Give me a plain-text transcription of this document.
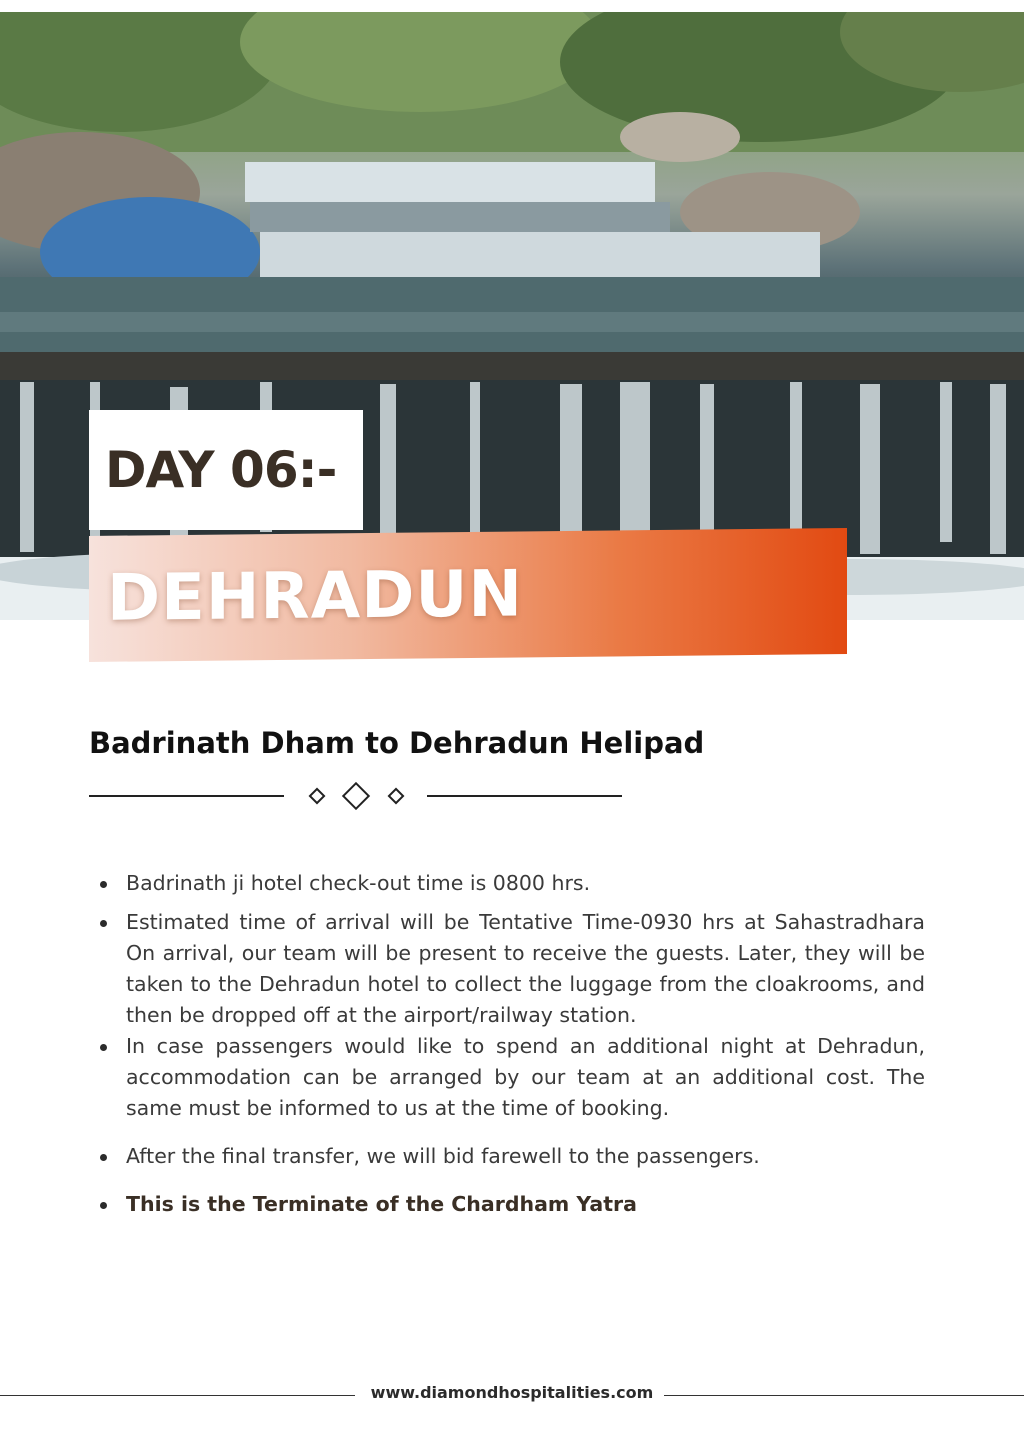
DAY 06:-
DEHRADUN
Badrinath Dham to Dehradun Helipad
Badrinath ji hotel check-out time is 0800 hrs.
Estimated time of arrival will be Tentative Time-0930 hrs at Sahastradhara On arrival, our team will be present to receive the guests. Later, they will be taken to the Dehradun hotel to collect the luggage from the cloakrooms, and then be dropped off at the airport/railway station.
In case passengers would like to spend an additional night at Dehradun, accommodation can be arranged by our team at an additional cost. The same must be informed to us at the time of booking.
After the final transfer, we will bid farewell to the passengers.
This is the Terminate of the Chardham Yatra
www.diamondhospitalities.com
